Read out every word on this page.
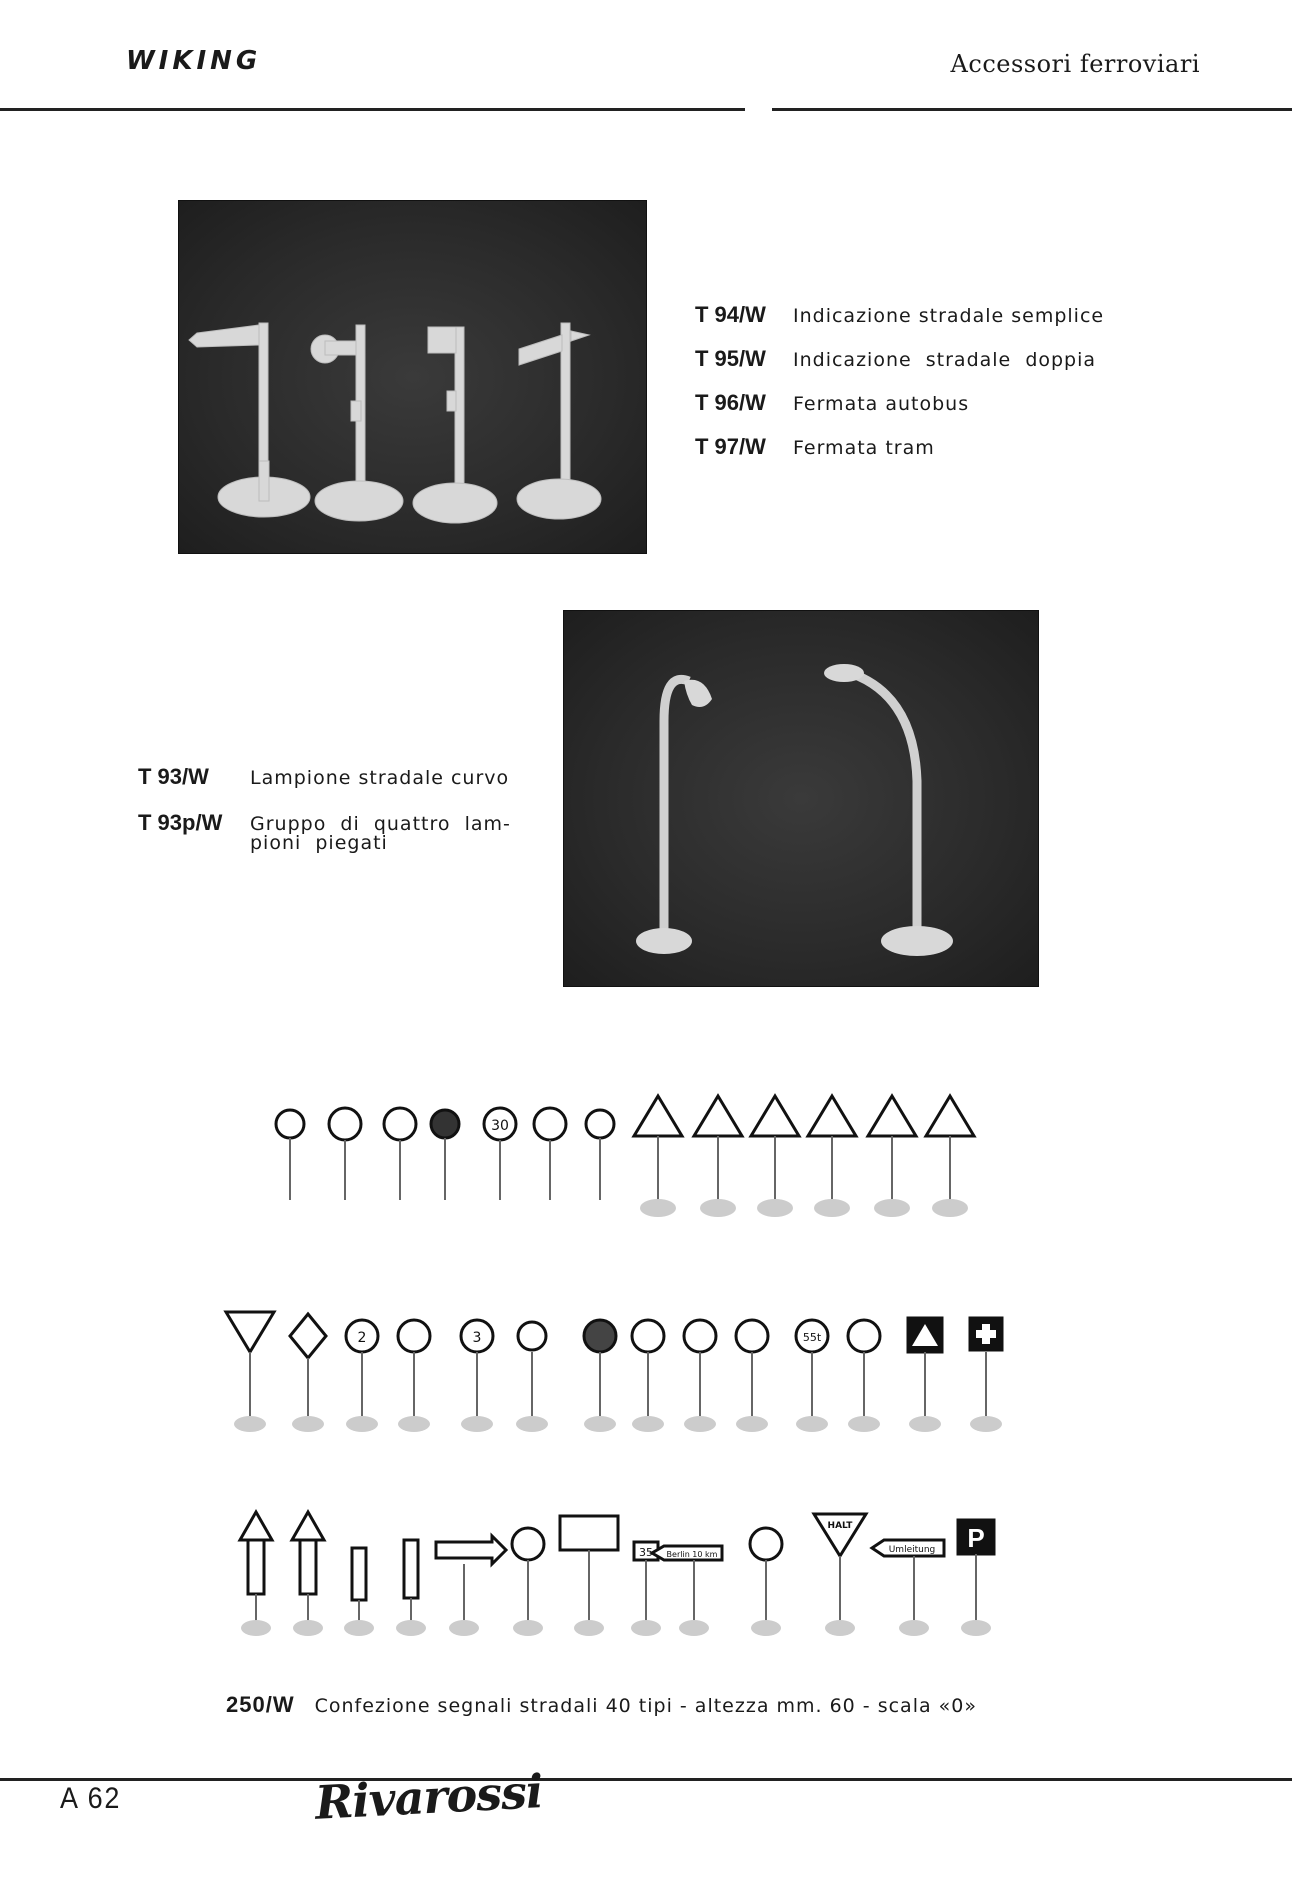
WIKING	Accessori ferroviari
T 94/W Indicazione stradale semplice
T 95/W Indicazione  stradale  doppia
T 96/W Fermata autobus
T 97/W Fermata tram
T 93/W Lampione stradale curvo
T 93p/W Gruppo  di  quattro  lam-
pioni  piegati
30
2	3	55t
35 Berlin 10 km	Umleitung
HALT	P
250/W Confezione segnali stradali 40 tipi - altezza mm. 60 - scala «0»
A 62	Rivarossi
